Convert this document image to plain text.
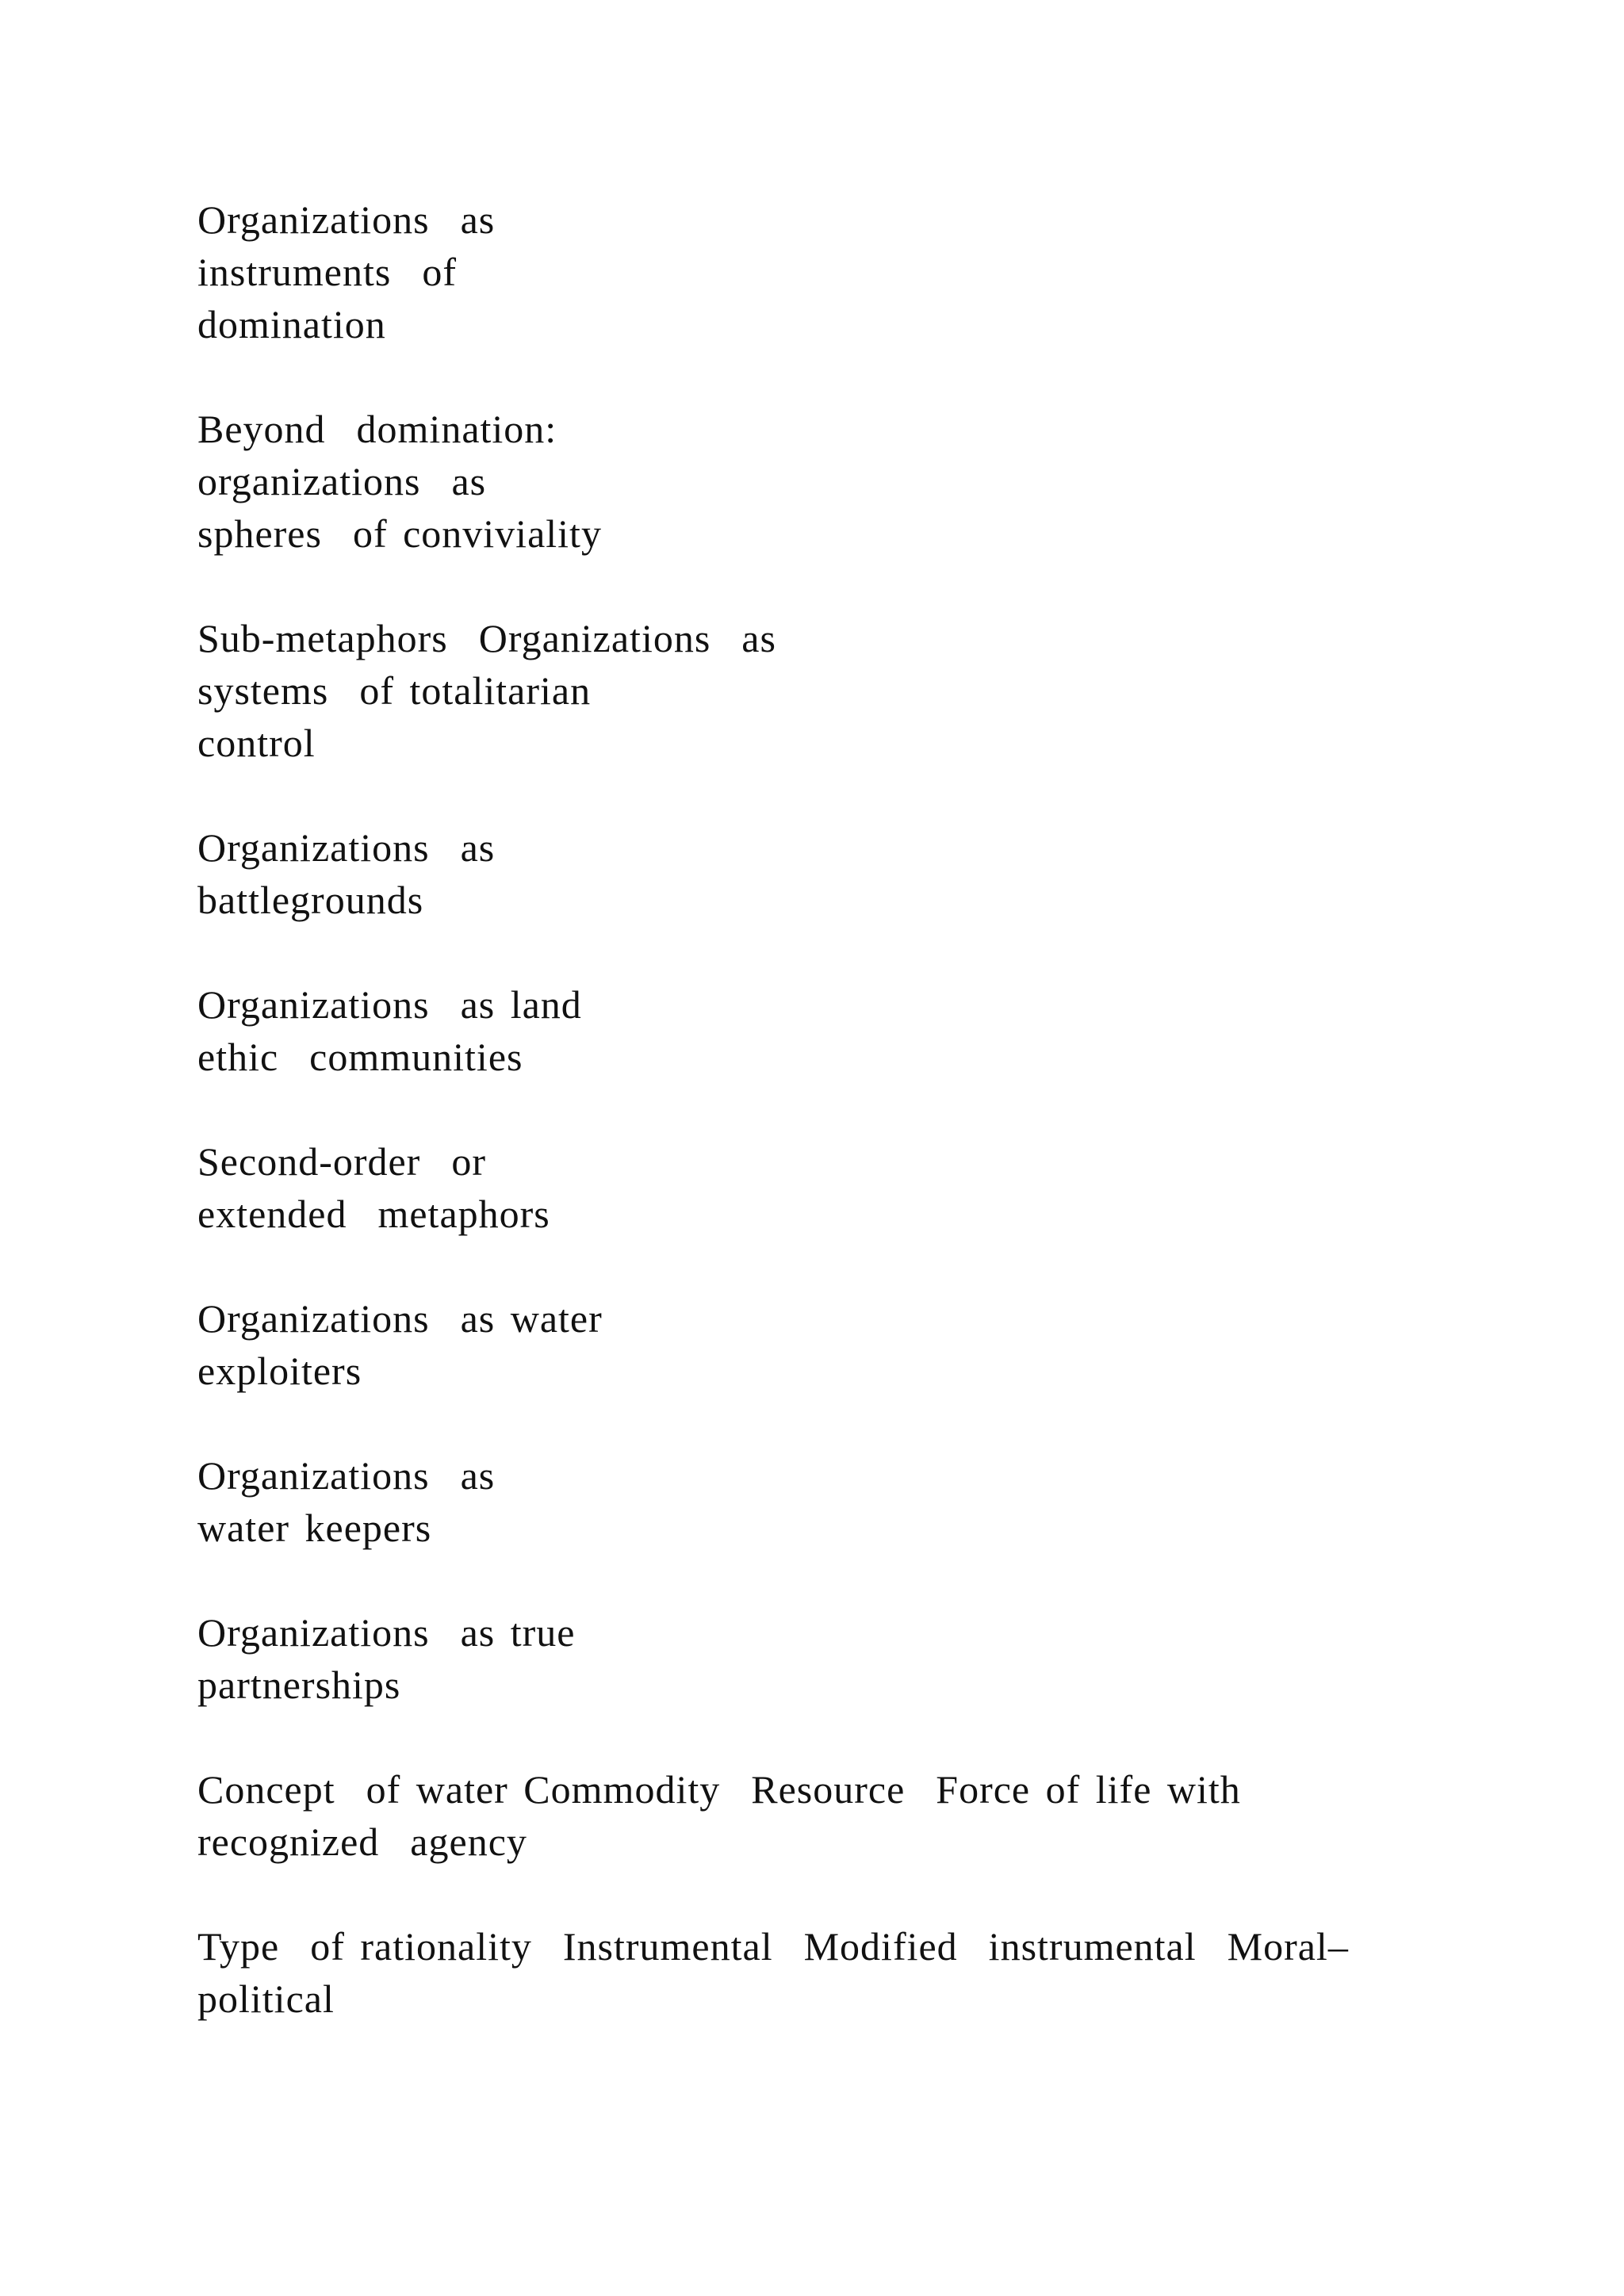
Organizations  as
instruments  of
domination

Beyond  domination:
organizations  as
spheres  of conviviality

Sub-metaphors  Organizations  as
systems  of totalitarian
control

Organizations  as
battlegrounds

Organizations  as land
ethic  communities

Second-order  or
extended  metaphors

Organizations  as water
exploiters

Organizations  as
water keepers

Organizations  as true
partnerships

Concept  of water Commodity  Resource  Force of life with
recognized  agency

Type  of rationality  Instrumental  Modified  instrumental  Moral–
political
